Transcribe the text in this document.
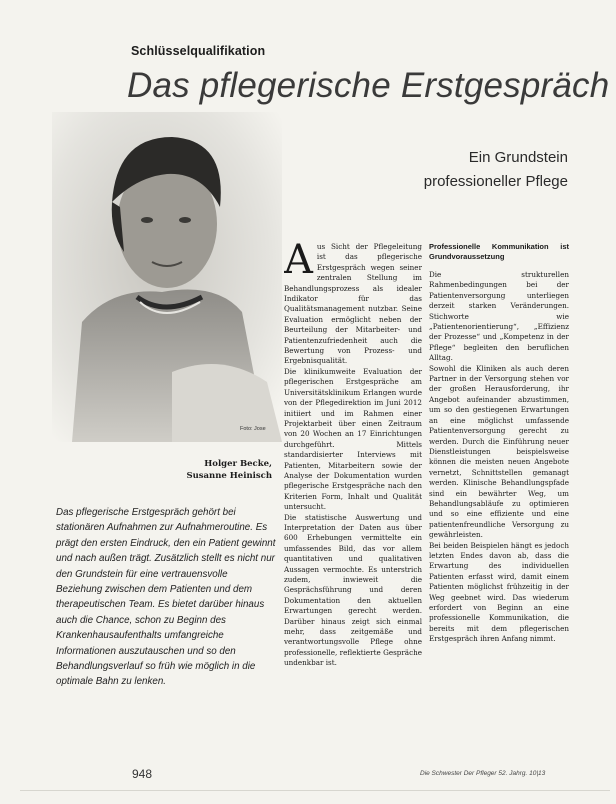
Schlüsselqualifikation
Das pflegerische Erstgespräch
Foto: Jose
Ein Grundstein
professioneller Pflege
Holger Becke,
Susanne Heinisch
Das pflegerische Erstgespräch gehört bei stationären Aufnahmen zur Aufnahmeroutine. Es prägt den ersten Eindruck, den ein Patient gewinnt und nach außen trägt. Zusätzlich stellt es nicht nur den Grundstein für eine vertrauensvolle Beziehung zwischen dem Patienten und dem therapeutischen Team. Es bietet darüber hinaus auch die Chance, schon zu Beginn des Krankenhausaufenthalts umfangreiche Informationen auszutauschen und so den Behandlungsverlauf so früh wie möglich in die optimale Bahn zu lenken.
A us Sicht der Pflegeleitung ist das pflegerische Erstgespräch wegen seiner zentralen Stellung im Behandlungsprozess als idealer Indikator für das Qualitätsmanagement nutzbar. Seine Evaluation ermöglicht neben der Beurteilung der Mitarbeiter- und Patientenzufriedenheit auch die Bewertung von Prozess- und Ergebnisqualität.

Die klinikumweite Evaluation der pflegerischen Erstgespräche am Universitätsklinikum Erlangen wurde von der Pflegedirektion im Juni 2012 initiiert und im Rahmen einer Projektarbeit über einen Zeitraum von 20 Wochen an 17 Einrichtungen durchgeführt. Mittels standardisierter Interviews mit Patienten, Mitarbeitern sowie der Analyse der Dokumentation wurden pflegerische Erstgespräche nach den Kriterien Form, Inhalt und Qualität untersucht.

Die statistische Auswertung und Interpretation der Daten aus über 600 Erhebungen vermittelte ein umfassendes Bild, das vor allem quantitativen und qualitativen Aussagen vermochte. Es unterstrich zudem, inwieweit die Gesprächsführung und deren Dokumentation den aktuellen Erwartungen gerecht werden. Darüber hinaus zeigt sich einmal mehr, dass zeitgemäße und verantwortungsvolle Pflege ohne professionelle, reflektierte Gespräche undenkbar ist.

Professionelle Kommunikation ist Grundvoraussetzung

Die strukturellen Rahmenbedingungen bei der Patientenversorgung unterliegen derzeit starken Veränderungen. Stichworte wie „Patientenorientierung“, „Effizienz der Prozesse“ und „Kompetenz in der Pflege“ begleiten den beruflichen Alltag.

Sowohl die Kliniken als auch deren Partner in der Versorgung stehen vor der großen Herausforderung, ihr Angebot aufeinander abzustimmen, um so den gestiegenen Erwartungen an eine möglichst umfassende Patientenversorgung gerecht zu werden. Durch die Einführung neuer Dienstleistungen beispielsweise können die meisten neuen Angebote vernetzt, Schnittstellen gemanagt werden. Klinische Behandlungspfade sind ein bewährter Weg, um Behandlungsabläufe zu optimieren und so eine effiziente und eine patientenfreundliche Versorgung zu gewährleisten.

Bei beiden Beispielen hängt es jedoch letzten Endes davon ab, dass die Erwartung des individuellen Patienten erfasst wird, damit einem Patienten möglichst frühzeitig in der Weg geebnet wird. Das wiederum erfordert von Beginn an eine professionelle Kommunikation, die bereits mit dem pflegerischen Erstgespräch ihren Anfang nimmt.

948	Die Schwester Der Pfleger 52. Jahrg. 10|13
